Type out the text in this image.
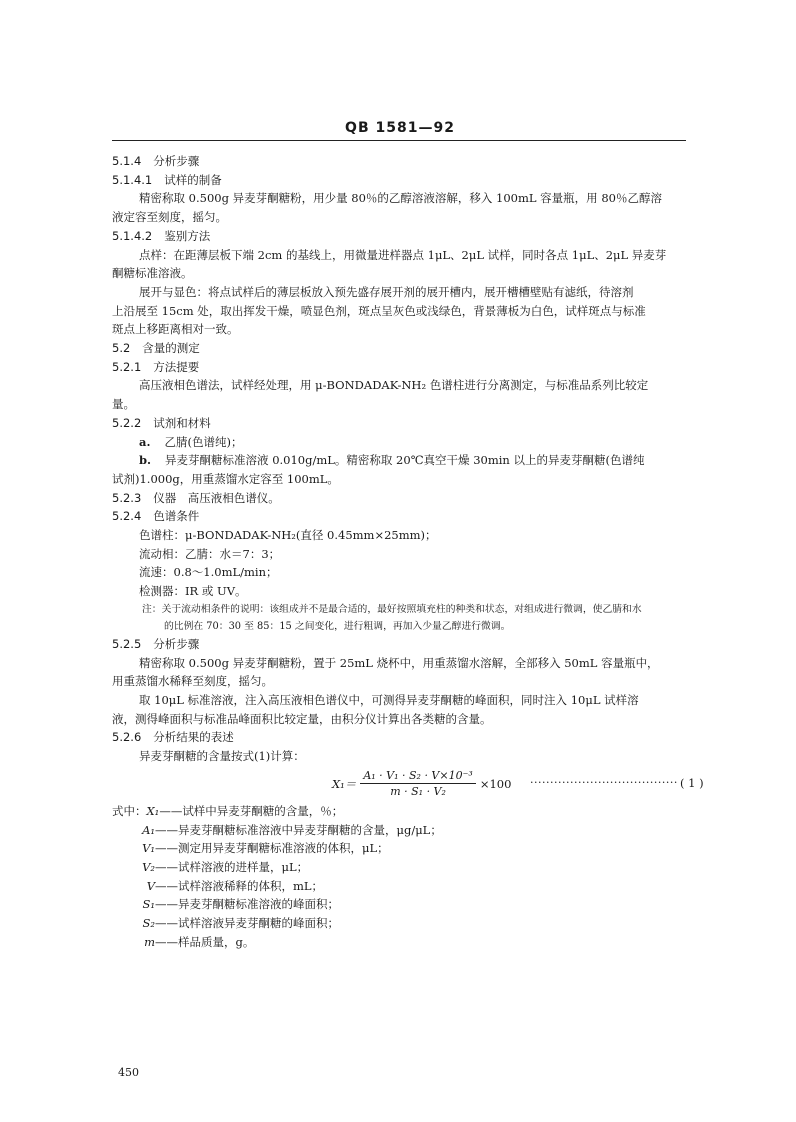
QB 1581—92
5.1.4 分析步骤
5.1.4.1 试样的制备
精密称取 0.500g 异麦芽酮糖粉，用少量 80％的乙醇溶液溶解，移入 100mL 容量瓶，用 80％乙醇溶
液定容至刻度，摇匀。
5.1.4.2 鉴别方法
点样：在距薄层板下端 2cm 的基线上，用微量进样器点 1μL、2μL 试样，同时各点 1μL、2μL 异麦芽
酮糖标准溶液。
展开与显色：将点试样后的薄层板放入预先盛存展开剂的展开槽内，展开槽槽壁贴有滤纸，待溶剂
上沿展至 15cm 处，取出挥发干燥，喷显色剂，斑点呈灰色或浅绿色，背景薄板为白色，试样斑点与标准
斑点上移距离相对一致。
5.2 含量的测定
5.2.1 方法提要
高压液相色谱法，试样经处理，用 μ-BONDADAK-NH₂ 色谱柱进行分离测定，与标准品系列比较定
量。
5.2.2 试剂和材料
a. 乙腈(色谱纯)；
b. 异麦芽酮糖标准溶液 0.010g/mL。精密称取 20℃真空干燥 30min 以上的异麦芽酮糖(色谱纯
试剂)1.000g，用重蒸馏水定容至 100mL。
5.2.3 仪器　高压液相色谱仪。
5.2.4 色谱条件
色谱柱：μ-BONDADAK-NH₂(直径 0.45mm×25mm)；
流动相：乙腈：水＝7：3；
流速：0.8～1.0mL/min；
检测器：IR 或 UV。
注：关于流动相条件的说明：该组成并不是最合适的，最好按照填充柱的种类和状态，对组成进行微调，使乙腈和水
的比例在 70：30 至 85：15 之间变化，进行粗调，再加入少量乙醇进行微调。
5.2.5 分析步骤
精密称取 0.500g 异麦芽酮糖粉，置于 25mL 烧杯中，用重蒸馏水溶解，全部移入 50mL 容量瓶中，
用重蒸馏水稀释至刻度，摇匀。
取 10μL 标准溶液，注入高压液相色谱仪中，可测得异麦芽酮糖的峰面积，同时注入 10μL 试样溶
液，测得峰面积与标准品峰面积比较定量，由积分仪计算出各类糖的含量。
5.2.6 分析结果的表述
异麦芽酮糖的含量按式(1)计算：
$X_1= \frac{\text{A₁ · V₁ · S₂ · V×10⁻³}}{\text{m · S₁ · V₂}} \times 100$ ····································· ( 1 )
式中：X₁——试样中异麦芽酮糖的含量，％；
A₁——异麦芽酮糖标准溶液中异麦芽酮糖的含量，μg/μL；
V₁——测定用异麦芽酮糖标准溶液的体积，μL；
V₂——试样溶液的进样量，μL；
V——试样溶液稀释的体积，mL；
S₁——异麦芽酮糖标准溶液的峰面积；
S₂——试样溶液异麦芽酮糖的峰面积；
m——样品质量，g。
450
